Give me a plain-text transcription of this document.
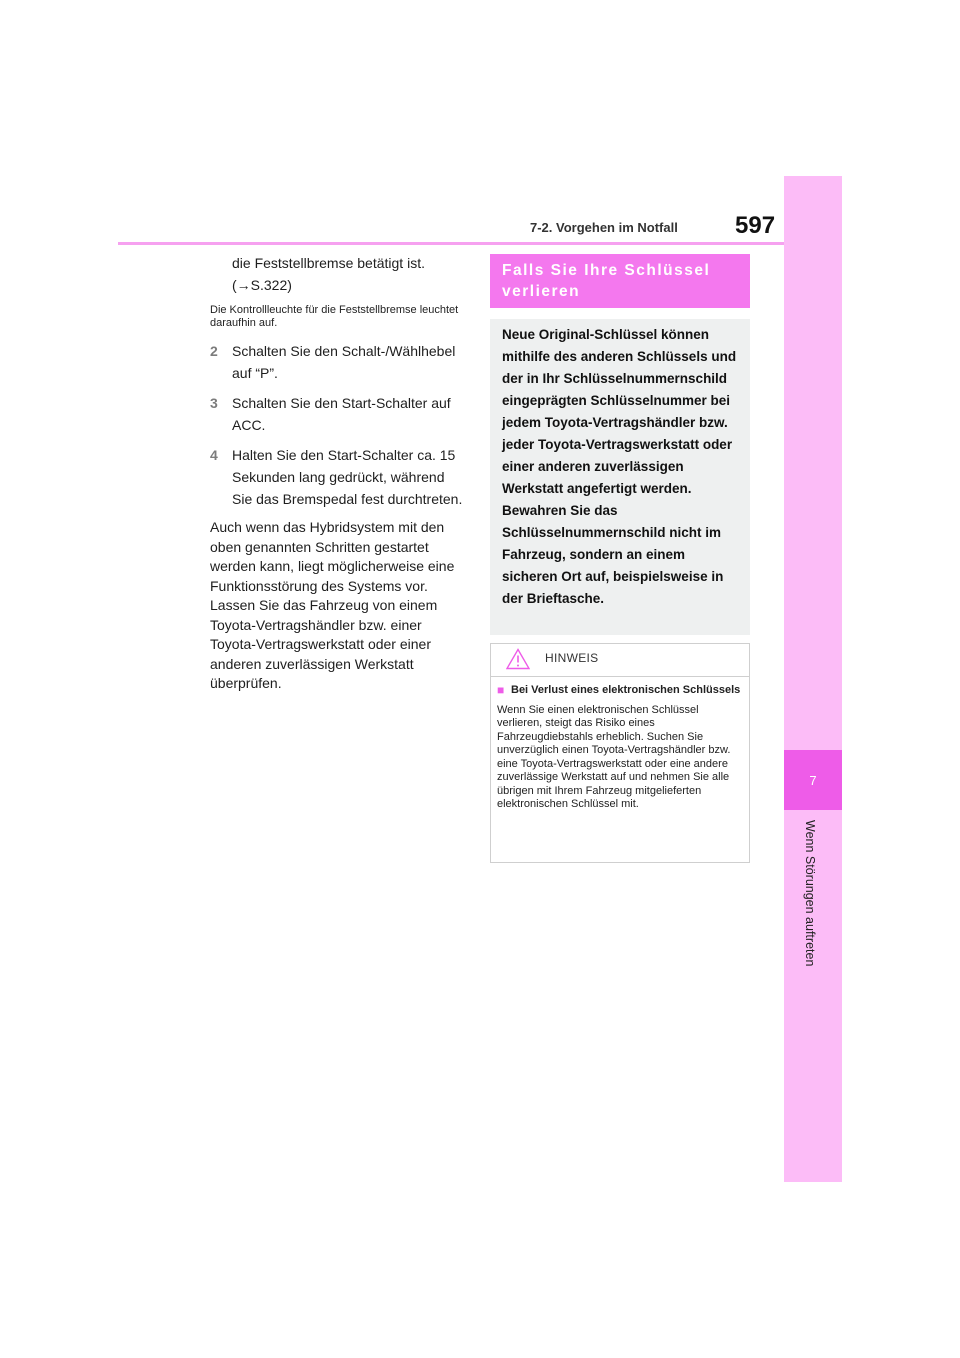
7-2. Vorgehen im Notfall 597
7
Wenn Störungen auftreten

die Feststellbremse betätigt ist.

(→S.322)

Die Kontrollleuchte für die Feststellbremse leuchtet daraufhin auf.

2	Schalten Sie den Schalt-/Wählhebel auf “P”.
3	Schalten Sie den Start-Schalter auf ACC.
4	Halten Sie den Start-Schalter ca. 15 Sekunden lang gedrückt, während Sie das Bremspedal fest durchtreten.
Auch wenn das Hybridsystem mit den oben genannten Schritten gestartet werden kann, liegt möglicherweise eine Funktionsstörung des Systems vor. Lassen Sie das Fahrzeug von einem Toyota-Vertragshändler bzw. einer Toyota-Vertragswerkstatt oder einer anderen zuverlässigen Werkstatt überprüfen.
Falls Sie Ihre Schlüssel verlieren
Neue Original-Schlüssel können mithilfe des anderen Schlüssels und der in Ihr Schlüsselnummernschild eingeprägten Schlüsselnummer bei jedem Toyota-Vertragshändler bzw. jeder Toyota-Vertragswerkstatt oder einer anderen zuverlässigen Werkstatt angefertigt werden. Bewahren Sie das Schlüsselnummernschild nicht im Fahrzeug, sondern an einem sicheren Ort auf, beispielsweise in der Brieftasche.
HINWEIS
■ Bei Verlust eines elektronischen Schlüssels
Wenn Sie einen elektronischen Schlüssel verlieren, steigt das Risiko eines Fahrzeugdiebstahls erheblich. Suchen Sie unverzüglich einen Toyota-Vertragshändler bzw. eine Toyota-Vertragswerkstatt oder eine andere zuverlässige Werkstatt auf und nehmen Sie alle übrigen mit Ihrem Fahrzeug mitgelieferten elektronischen Schlüssel mit.
